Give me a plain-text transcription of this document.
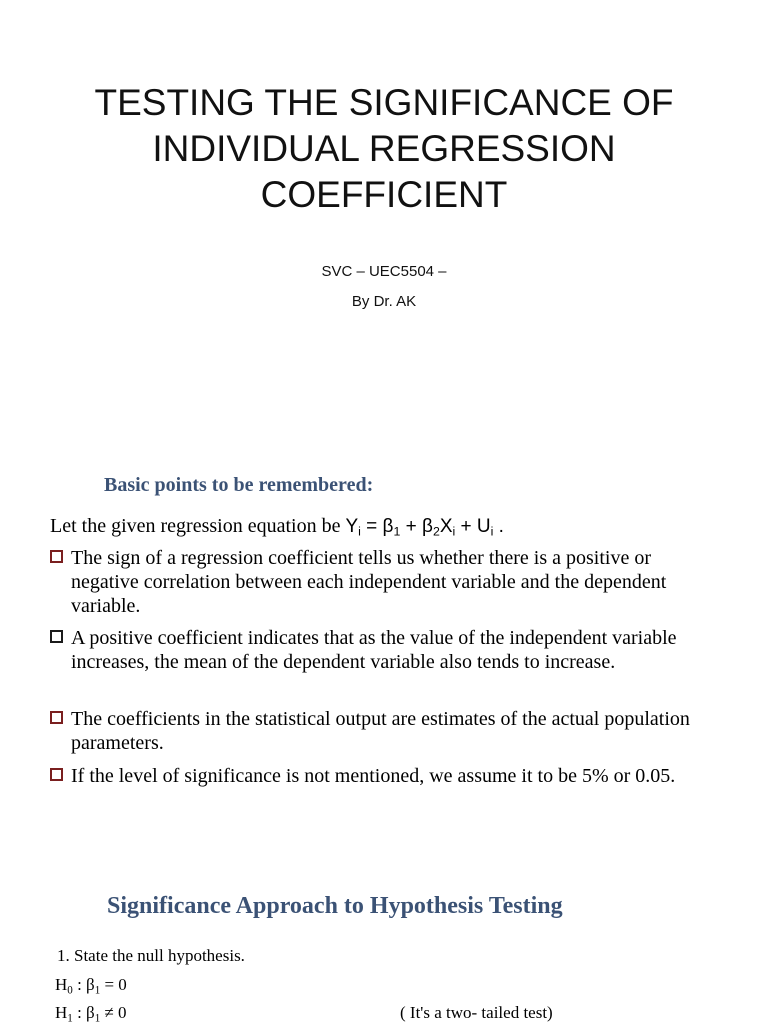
TESTING THE SIGNIFICANCE OF
INDIVIDUAL REGRESSION
COEFFICIENT
SVC – UEC5504 –
By Dr. AK
Basic points to be remembered:
Let the given regression equation be $Y_i = \beta_1 + \beta_2X_i + U_i$ .
The sign of a regression coefficient tells us whether there is a positive or negative correlation between each independent variable and the dependent variable.
A positive coefficient indicates that as the value of the independent variable increases, the mean of the dependent variable also tends to increase.
The coefficients in the statistical output are estimates of the actual population parameters.
If the level of significance is not mentioned, we assume it to be 5% or 0.05.
Significance Approach to Hypothesis Testing
1. State the null hypothesis.
$H_0$ : $\beta_1 = 0$
$H_1$ : $\beta_1 \ne 0$	( It's a two- tailed test)
